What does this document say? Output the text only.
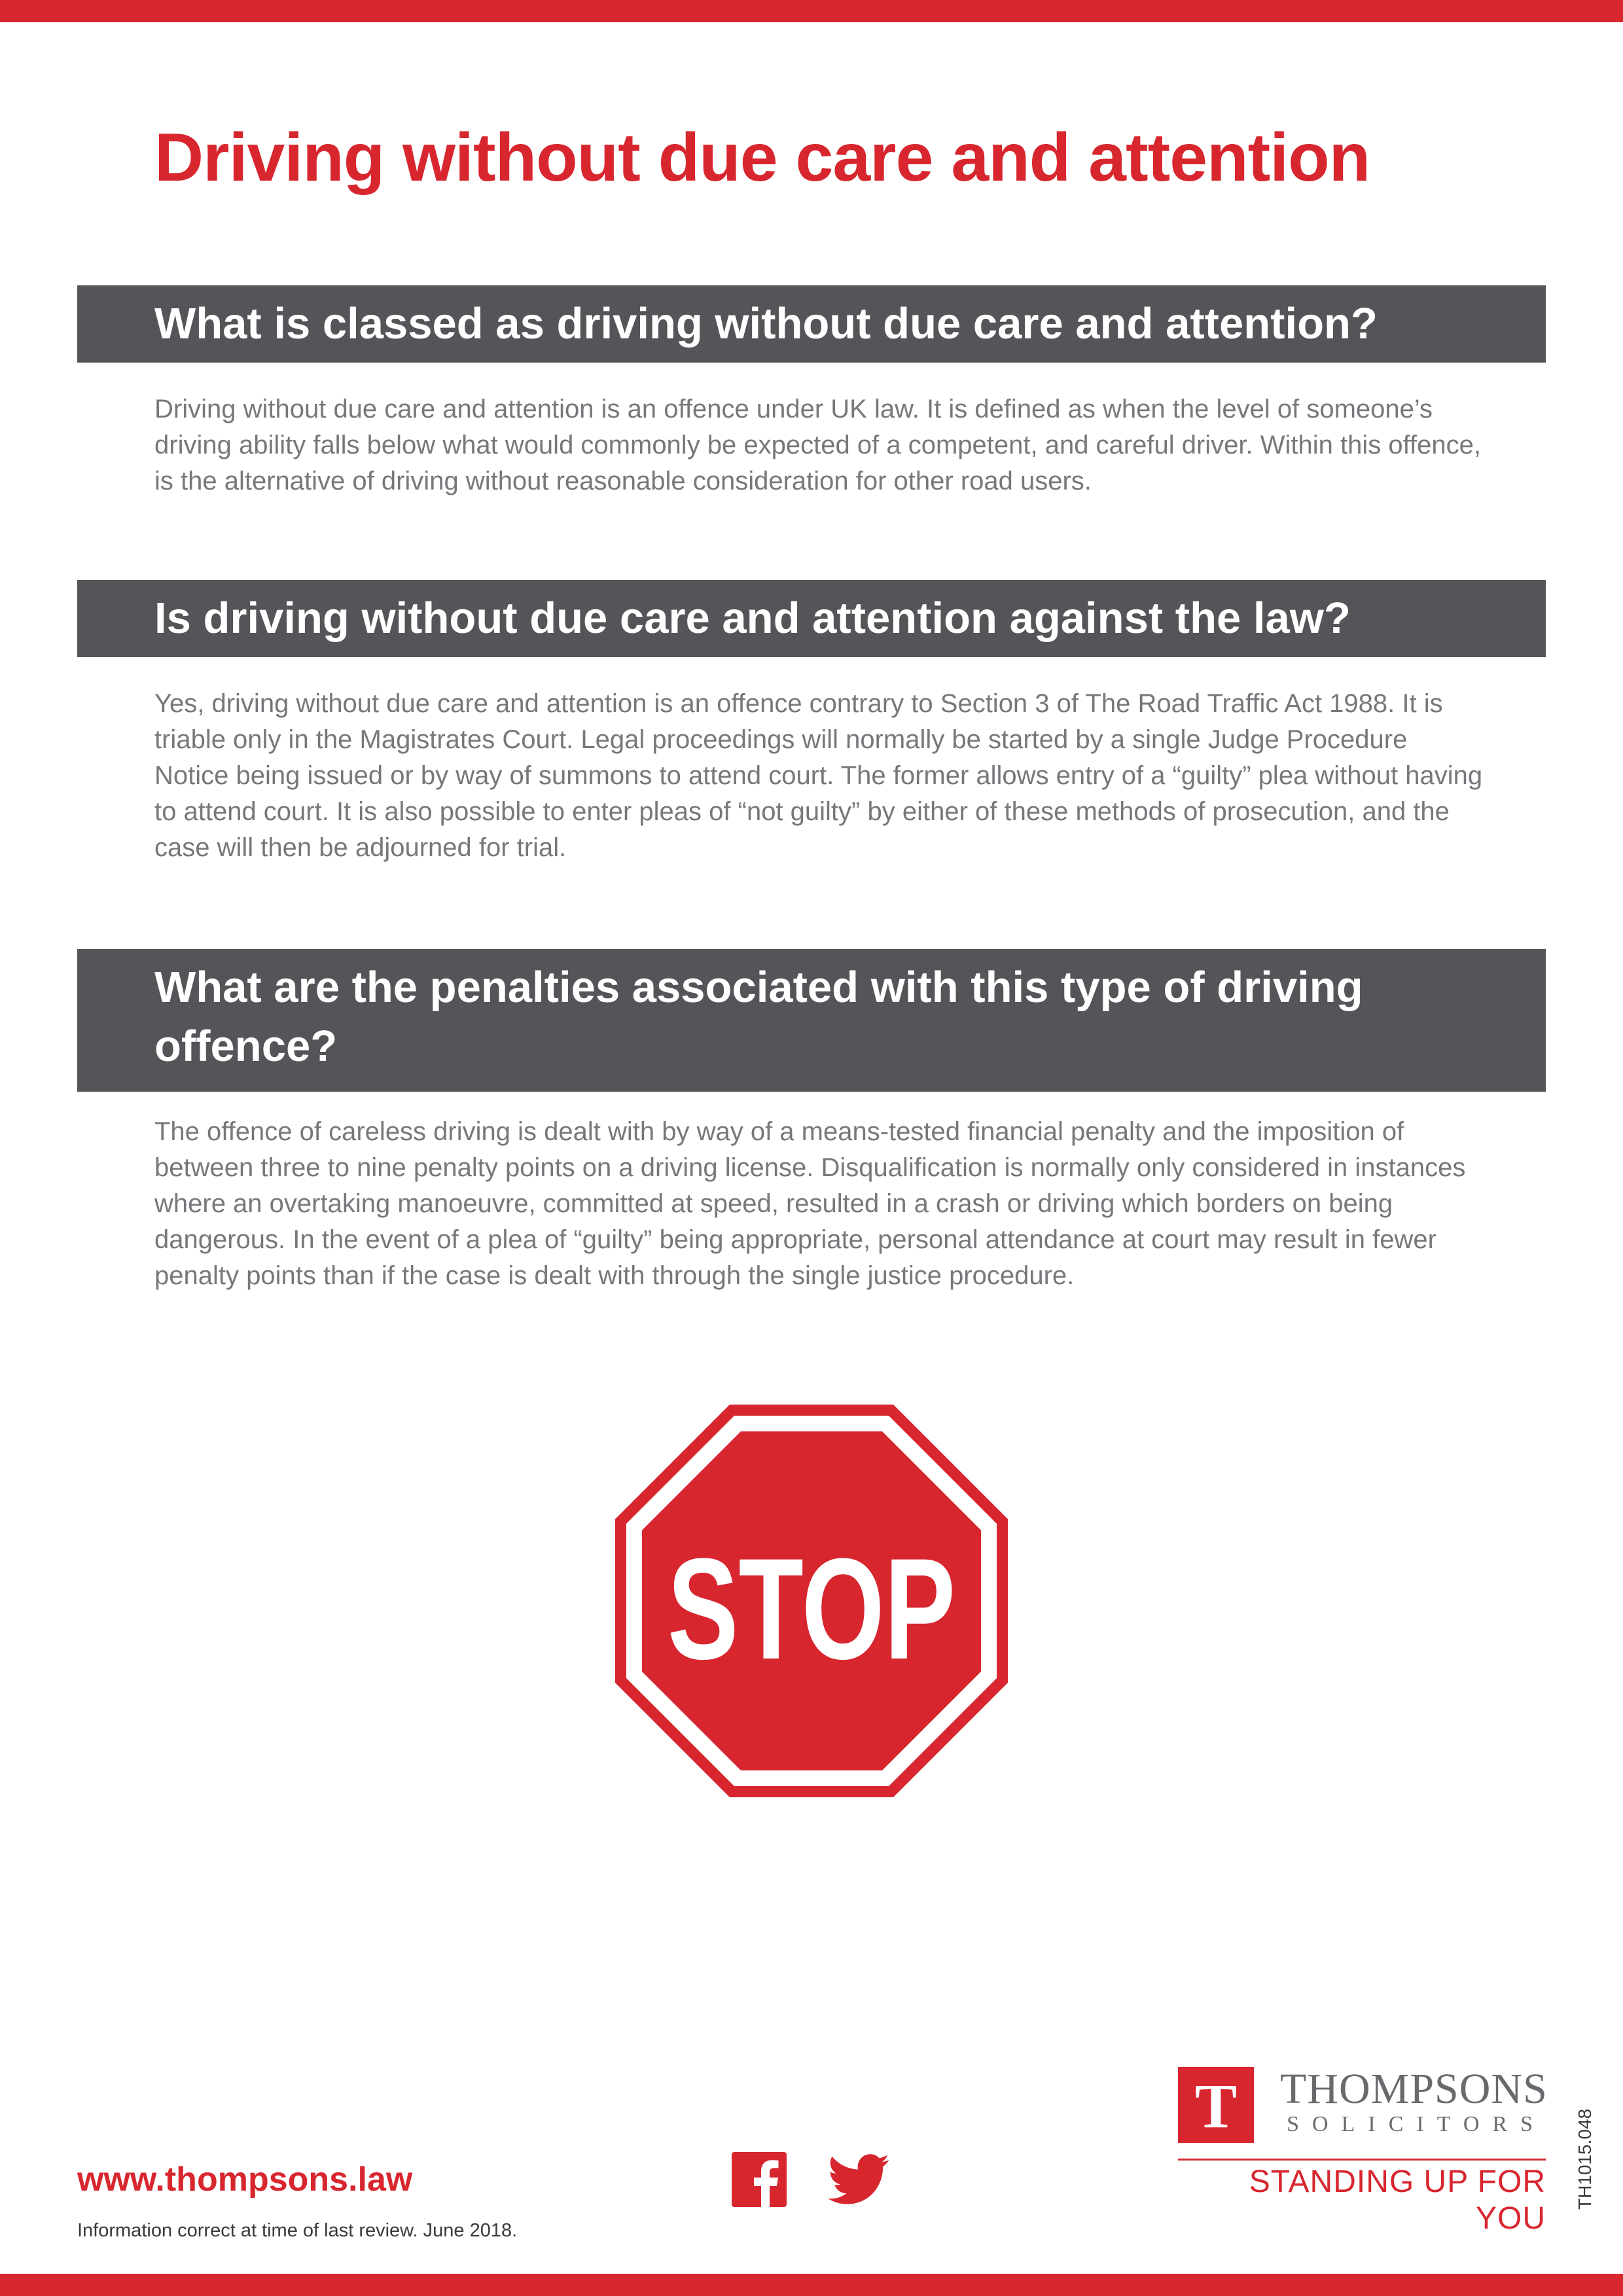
Driving without due care and attention
What is classed as driving without due care and attention?

Driving without due care and attention is an offence under UK law. It is defined as when the level of someone’s driving ability falls below what would commonly be expected of a competent, and careful driver. Within this offence, is the alternative of driving without reasonable consideration for other road users.

Is driving without due care and attention against the law?

Yes, driving without due care and attention is an offence contrary to Section 3 of The Road Traffic Act 1988. It is triable only in the Magistrates Court. Legal proceedings will normally be started by a single Judge Procedure Notice being issued or by way of summons to attend court. The former allows entry of a “guilty” plea without having to attend court. It is also possible to enter pleas of “not guilty” by either of these methods of prosecution, and the case will then be adjourned for trial.

What are the penalties associated with this type of driving offence?

The offence of careless driving is dealt with by way of a means-tested financial penalty and the imposition of between three to nine penalty points on a driving license. Disqualification is normally only considered in instances where an overtaking manoeuvre, committed at speed, resulted in a crash or driving which borders on being dangerous. In the event of a plea of “guilty” being appropriate, personal attendance at court may result in fewer penalty points than if the case is dealt with through the single justice procedure.

STOP
www.thompsons.law
Information correct at time of last review. June 2018.
T THOMPSONS
SOLICITORS
STANDING UP FOR YOU
TH1015.048
